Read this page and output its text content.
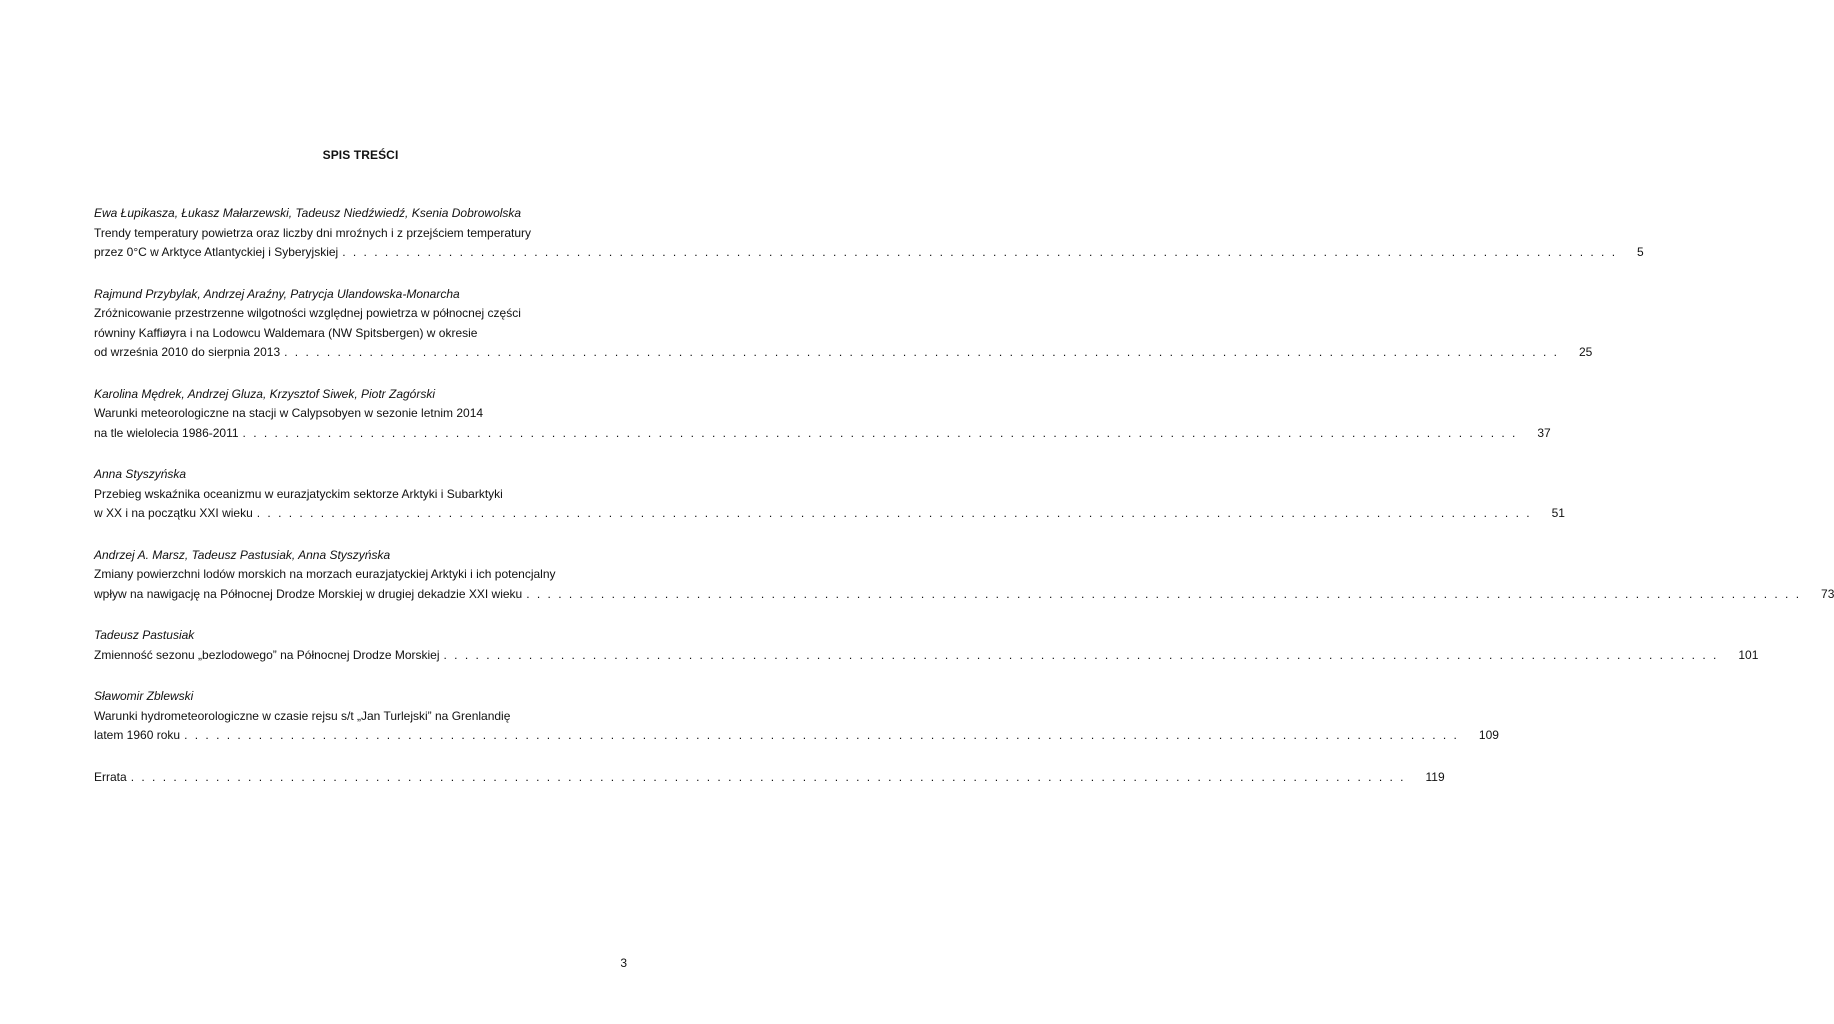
SPIS TREŚCI
Ewa Łupikasza, Łukasz Małarzewski, Tadeusz Niedźwiedź, Ksenia Dobrowolska
Trendy temperatury powietrza oraz liczby dni mroźnych i z przejściem temperatury
przez 0°C w Arktyce Atlantyckiej i Syberyjskiej . . . . . . . . . . . . . . . . . . . . . . . . . . . . . . . . . . . . . . . . . . . . . . . . . . . . . . . . . . . . . . . . . . . . . . . . . . . . . . . . . . . . . . . . . . . . . . . . . . . . . . . . . . . . . . . . . . . . . . . . 5
Rajmund Przybylak, Andrzej Araźny, Patrycja Ulandowska-Monarcha
Zróżnicowanie przestrzenne wilgotności względnej powietrza w północnej części
równiny Kaffiøyra i na Lodowcu Waldemara (NW Spitsbergen) w okresie
od września 2010 do sierpnia 2013 . . . . . . . . . . . . . . . . . . . . . . . . . . . . . . . . . . . . . . . . . . . . . . . . . . . . . . . . . . . . . . . . . . . . . . . . . . . . . . . . . . . . . . . . . . . . . . . . . . . . . . . . . . . . . . . . . . . . . . . . 25
Karolina Mędrek, Andrzej Gluza, Krzysztof Siwek, Piotr Zagórski
Warunki meteorologiczne na stacji w Calypsobyen w sezonie letnim 2014
na tle wielolecia 1986-2011 . . . . . . . . . . . . . . . . . . . . . . . . . . . . . . . . . . . . . . . . . . . . . . . . . . . . . . . . . . . . . . . . . . . . . . . . . . . . . . . . . . . . . . . . . . . . . . . . . . . . . . . . . . . . . . . . . . . . . . . . 37
Anna Styszyńska
Przebieg wskaźnika oceanizmu w eurazjatyckim sektorze Arktyki i Subarktyki
w XX i na początku XXI wieku . . . . . . . . . . . . . . . . . . . . . . . . . . . . . . . . . . . . . . . . . . . . . . . . . . . . . . . . . . . . . . . . . . . . . . . . . . . . . . . . . . . . . . . . . . . . . . . . . . . . . . . . . . . . . . . . . . . . . . . . 51
Andrzej A. Marsz, Tadeusz Pastusiak, Anna Styszyńska
Zmiany powierzchni lodów morskich na morzach eurazjatyckiej Arktyki i ich potencjalny
wpływ na nawigację na Północnej Drodze Morskiej w drugiej dekadzie XXI wieku . . . . . . . . . . . . . . . . . . . . . . . . . . . . . . . . . . . . . . . . . . . . . . . . . . . . . . . . . . . . . . . . . . . . . . . . . . . . . . . . . . . . . . . . . . . . . . . . . . . . . . . . . . . . . . . . . . . . . . . . 73
Tadeusz Pastusiak
Zmienność sezonu „bezlodowego” na Północnej Drodze Morskiej . . . . . . . . . . . . . . . . . . . . . . . . . . . . . . . . . . . . . . . . . . . . . . . . . . . . . . . . . . . . . . . . . . . . . . . . . . . . . . . . . . . . . . . . . . . . . . . . . . . . . . . . . . . . . . . . . . . . . . . . 101
Sławomir Zblewski
Warunki hydrometeorologiczne w czasie rejsu s/t „Jan Turlejski” na Grenlandię
latem 1960 roku . . . . . . . . . . . . . . . . . . . . . . . . . . . . . . . . . . . . . . . . . . . . . . . . . . . . . . . . . . . . . . . . . . . . . . . . . . . . . . . . . . . . . . . . . . . . . . . . . . . . . . . . . . . . . . . . . . . . . . . . 109
Errata . . . . . . . . . . . . . . . . . . . . . . . . . . . . . . . . . . . . . . . . . . . . . . . . . . . . . . . . . . . . . . . . . . . . . . . . . . . . . . . . . . . . . . . . . . . . . . . . . . . . . . . . . . . . . . . . . . . . . . . . 119
3
